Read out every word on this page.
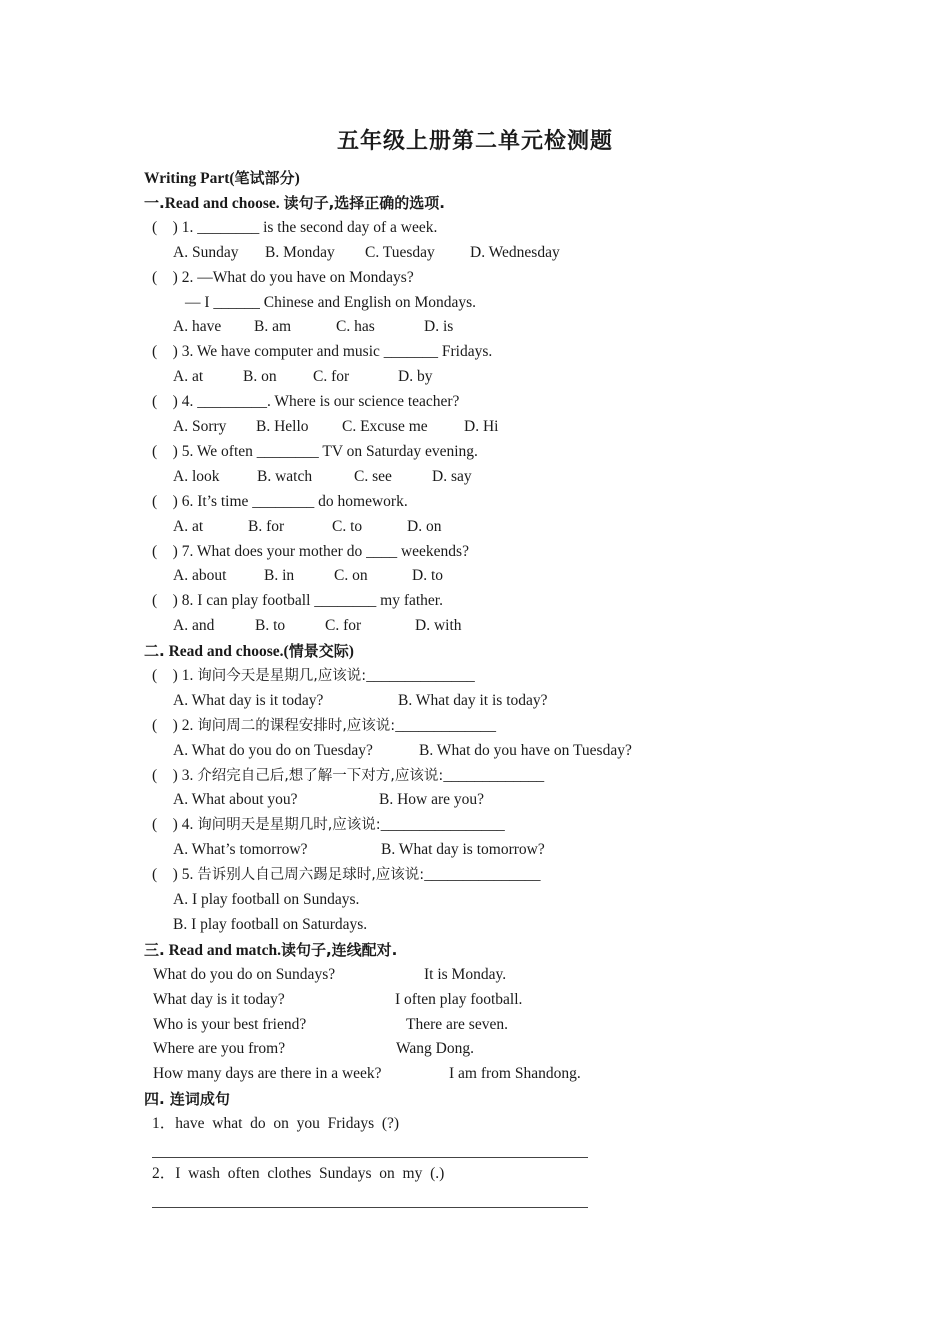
五年级上册第二单元检测题
Writing Part(笔试部分)
一.Read and choose. 读句子,选择正确的选项.
(    ) 1. ________ is the second day of a week.
A. Sunday B. Monday C. Tuesday D. Wednesday
(    ) 2. —What do you have on Mondays?
— I ______ Chinese and English on Mondays.
A. have B. am	C. has	D. is
(    ) 3. We have computer and music _______ Fridays.
A. at	B. on C. for	D. by
(    ) 4. _________. Where is our science teacher?
A. Sorry B. Hello C. Excuse me D. Hi
(    ) 5. We often ________ TV on Saturday evening.
A. look B. watch	C. see	D. say
(    ) 6. It’s time ________ do homework.
A. at	B. for	C. to	D. on
(    ) 7. What does your mother do ____ weekends?
A. about B. in	C. on	D. to
(    ) 8. I can play football ________ my father.
A. and	B. to	C. for	D. with
二. Read and choose.(情景交际)
(    ) 1. 询问今天是星期几,应该说:______________
A. What day is it today?	B. What day it is today?
(    ) 2. 询问周二的课程安排时,应该说:_____________
A. What do you do on Tuesday?	B. What do you have on Tuesday?
(    ) 3. 介绍完自己后,想了解一下对方,应该说:_____________
A. What about you?	B. How are you?
(    ) 4. 询问明天是星期几时,应该说:________________
A. What’s tomorrow?	B. What day is tomorrow?
(    ) 5. 告诉别人自己周六踢足球时,应该说:_______________
A. I play football on Sundays.
B. I play football on Saturdays.
三. Read and match.读句子,连线配对.
What do you do on Sundays?	It is Monday.
What day is it today?	I often play football.
Who is your best friend?	There are seven.
Where are you from?	Wang Dong.
How many days are there in a week?	I am from Shandong.
四. 连词成句
1．have  what  do  on  you  Fridays  (?)
2．I  wash  often  clothes  Sundays  on  my  (.)
